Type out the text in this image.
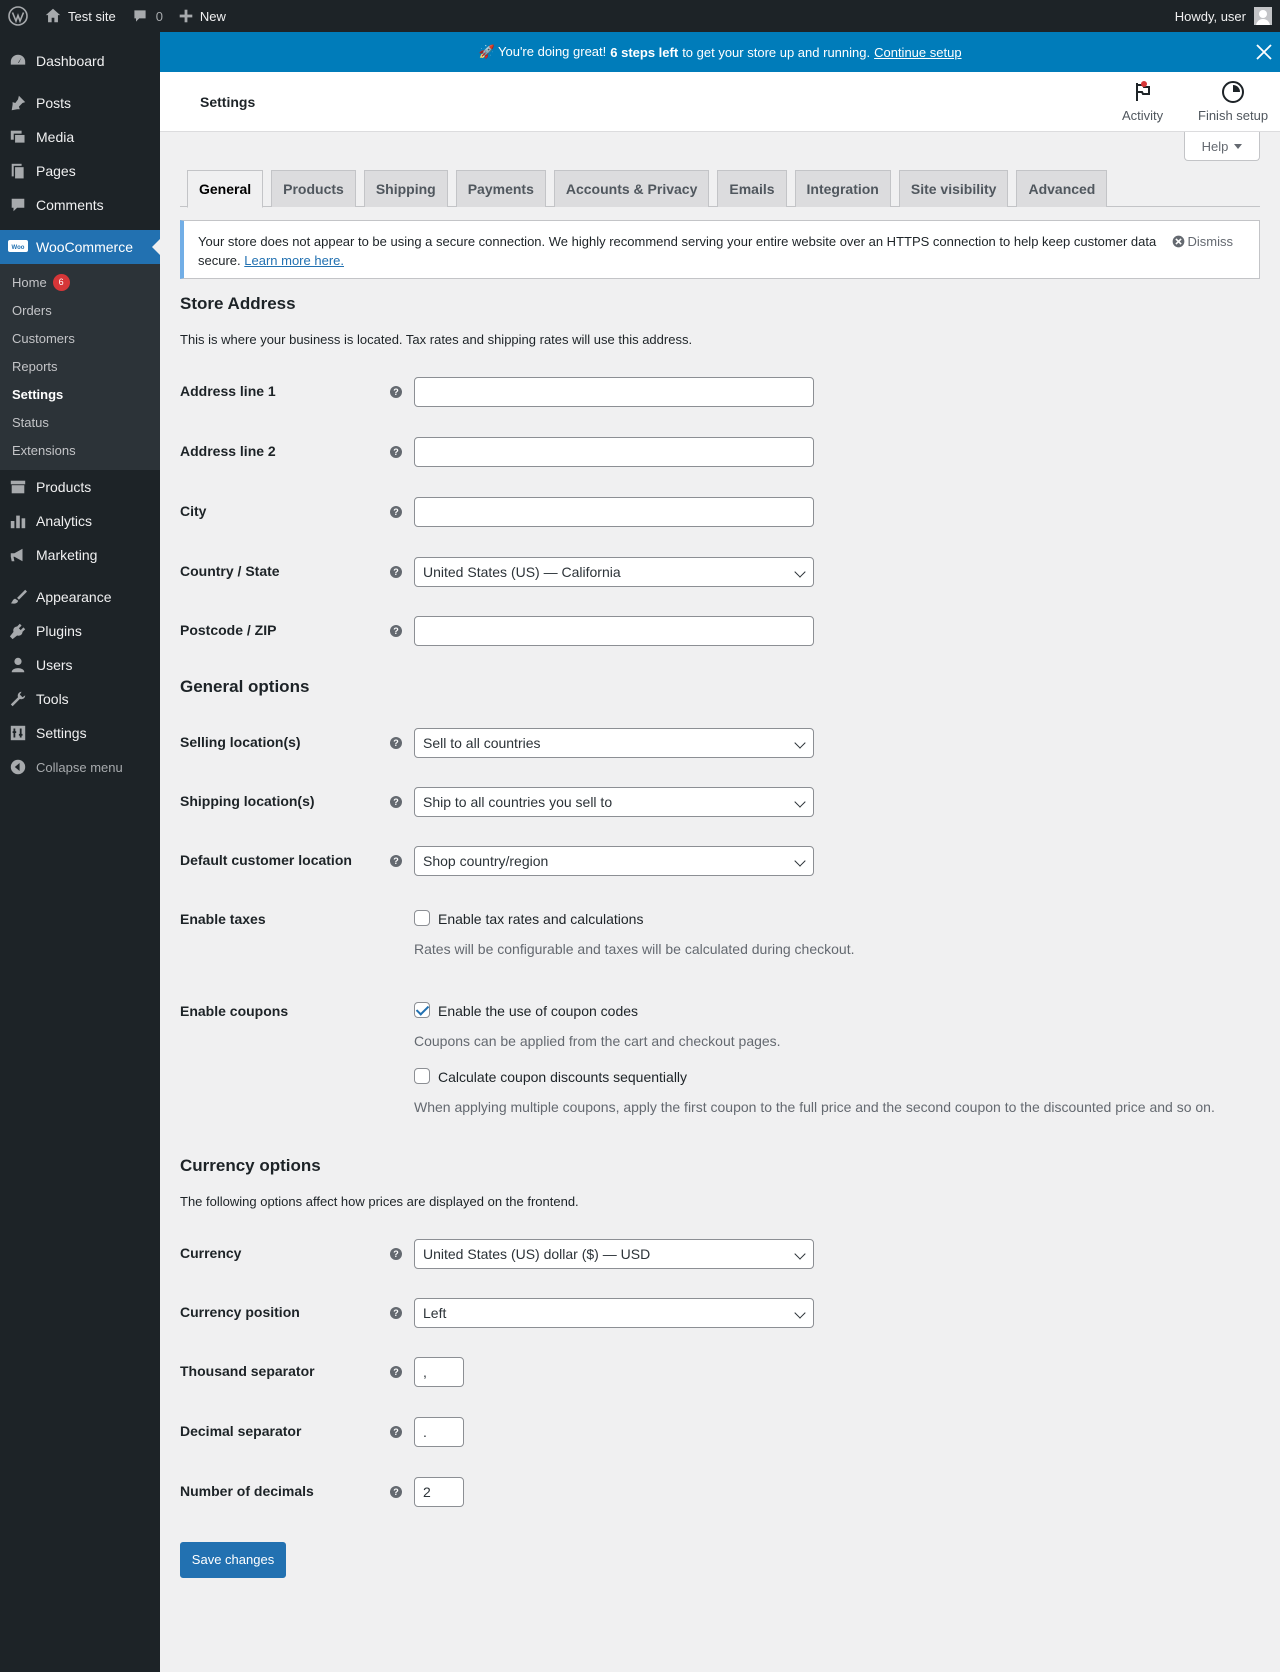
Test site	0	New	Howdy, user
Dashboard
Posts
Media
Pages
Comments
Woo WooCommerce
Home	6
Orders
Customers
Reports
Settings
Status
Extensions
Products
Analytics
Marketing
Appearance
Plugins
Users
Tools
Settings
Collapse menu
🚀 You're doing great! 6 steps left to get your store up and running. Continue setup
Settings
Activity	Finish setup
Help
General	Products	Shipping	Payments	Accounts & Privacy	Emails	Integration	Site visibility	Advanced
Your store does not appear to be using a secure connection. We highly recommend serving your entire website over an HTTPS connection to help keep customer data secure. Learn more here.
Dismiss
Store Address
This is where your business is located. Tax rates and shipping rates will use this address.
Address line 1	?
Address line 2	?
City	?
Country / State	?	United States (US) — California
Postcode / ZIP	?
General options
Selling location(s)	?	Sell to all countries
Shipping location(s)	?	Ship to all countries you sell to
Default customer location	?	Shop country/region
Enable taxes	Enable tax rates and calculations
Rates will be configurable and taxes will be calculated during checkout.
Enable coupons	Enable the use of coupon codes
Coupons can be applied from the cart and checkout pages.
Calculate coupon discounts sequentially
When applying multiple coupons, apply the first coupon to the full price and the second coupon to the discounted price and so on.
Currency options
The following options affect how prices are displayed on the frontend.
Currency	?	United States (US) dollar ($) — USD
Currency position	?	Left
Thousand separator	?	,
Decimal separator	?	.
Number of decimals	?	2
Save changes
